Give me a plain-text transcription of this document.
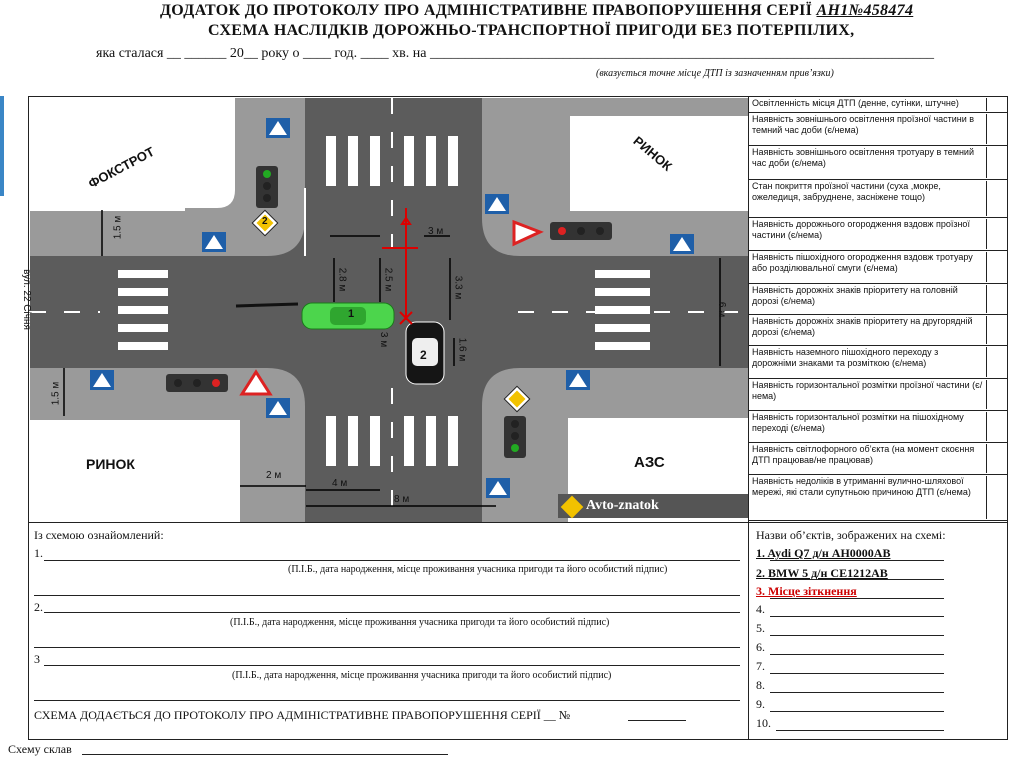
ДОДАТОК ДО ПРОТОКОЛУ ПРО АДМІНІСТРАТИВНЕ ПРАВОПОРУШЕННЯ СЕРІЇ АН1№458474
СХЕМА НАСЛІДКІВ ДОРОЖНЬО-ТРАНСПОРТНОЇ ПРИГОДИ БЕЗ ПОТЕРПІЛИХ,
яка сталася __ ______ 20__ року о ____ год. ____ хв. на ________________________________________________________________________
(вказується точне місце ДТП із зазначенням прив’язки)
ФОКСТРОТ	РИНОК
РИНОК	АЗС
вул. 22 Січня
Avto-znatok
2
1
2
1.5 м
2.8 м	2.5 м
3 м
3.3 м
6 м
3 м	1.6 м
1.5 м
2 м
4 м
8 м
Освітленність місця ДТП (денне, сутінки, штучне)
Наявність зовнішнього освітлення проїзної частини в темний час доби (є/нема)
Наявність зовнішнього освітлення тротуару в темний час доби (є/нема)
Стан покриття проїзної частини (суха ,мокре, ожеледиця, забруднене, засніжене тощо)
Наявність дорожнього огородження вздовж проїзної частини (є/нема)
Наявність пішохідного огородження вздовж тротуару або розділювальної смуги (є/нема)
Наявність дорожніх знаків пріоритету на головній дорозі (є/нема)
Наявність дорожніх знаків пріоритету на другорядній дорозі (є/нема)
Наявність наземного пішохідного переходу з дорожніми знаками та розміткою (є/нема)
Наявність горизонтальної розмітки проїзної частини (є/нема)
Наявність горизонтальної розмітки на пішохідному переході (є/нема)
Наявність світлофорного об’єкта (на момент скоєння ДТП працював/не працював)
Наявність недоліків в утриманні вулично-шляхової мережі, які стали супутньою причиною ДТП (є/нема)
Із схемою ознайомлений:
1.
(П.І.Б., дата народження, місце проживання учасника пригоди та його особистий підпис)
2.
(П.І.Б., дата народження, місце проживання учасника пригоди та його особистий підпис)
3
(П.І.Б., дата народження, місце проживання учасника пригоди та його особистий підпис)
СХЕМА ДОДАЄТЬСЯ ДО ПРОТОКОЛУ ПРО АДМІНІСТРАТИВНЕ ПРАВОПОРУШЕННЯ СЕРІЇ __ №
Схему склав
Назви об’єктів, зображених на схемі:
1. Aydi Q7 д/н АН0000АВ
2. BMW 5 д/н СЕ1212АВ
3. Місце зіткнення
4.
5.
6.
7.
8.
9.
10.
